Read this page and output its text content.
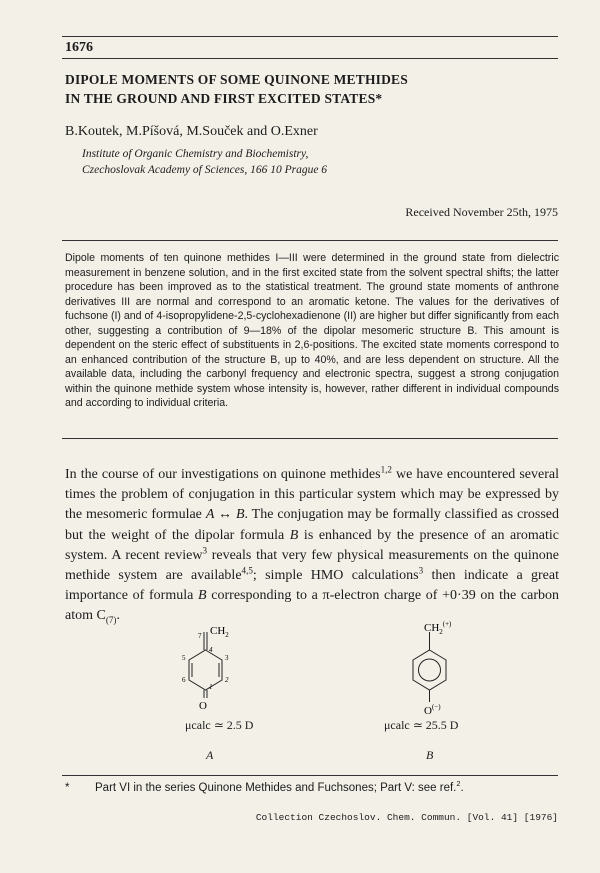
1676
DIPOLE MOMENTS OF SOME QUINONE METHIDES
IN THE GROUND AND FIRST EXCITED STATES*
B.Koutek, M.Píšová, M.Souček and O.Exner
Institute of Organic Chemistry and Biochemistry,
Czechoslovak Academy of Sciences, 166 10 Prague 6
Received November 25th, 1975
Dipole moments of ten quinone methides I—III were determined in the ground state from dielectric measurement in benzene solution, and in the first excited state from the solvent spectral shifts; the latter procedure has been improved as to the statistical treatment. The ground state moments of anthrone derivatives III are normal and correspond to an aromatic ketone. The values for the derivatives of fuchsone (I) and of 4-isopropylidene-2,5-cyclohexadienone (II) are higher but differ significantly from each other, suggesting a contribution of 9—18% of the dipolar mesomeric structure B. This amount is dependent on the steric effect of substituents in 2,6-positions. The excited state moments correspond to an enhanced contribution of the structure B, up to 40%, and are less dependent on structure. All the available data, including the carbonyl frequency and electronic spectra, suggest a strong conjugation within the quinone methide system whose intensity is, however, rather different in individual compounds and according to individual criteria.
In the course of our investigations on quinone methides$^{1,2}$ we have encountered several times the problem of conjugation in this particular system which may be expressed by the mesomeric formulae A ↔ B. The conjugation may be formally classified as crossed but the weight of the dipolar formula B is enhanced by the presence of an aromatic system. A recent review$^3$ reveals that very few physical measurements on the quinone methide system are available$^{4,5}$; simple HMO calculations$^3$ then indicate a great importance of formula B corresponding to a π-electron charge of +0·39 on the carbon atom $C_{(7)}$.
$CH_2$
O
7
4
5	3
6	2
1
μcalc ≃ 2.5 D
A
$CH_2^{(+)}$
O(−)
μcalc ≃ 25.5 D
B
* Part VI in the series Quinone Methides and Fuchsones; Part V: see ref.$^2$.
Collection Czechoslov. Chem. Commun. [Vol. 41] [1976]
